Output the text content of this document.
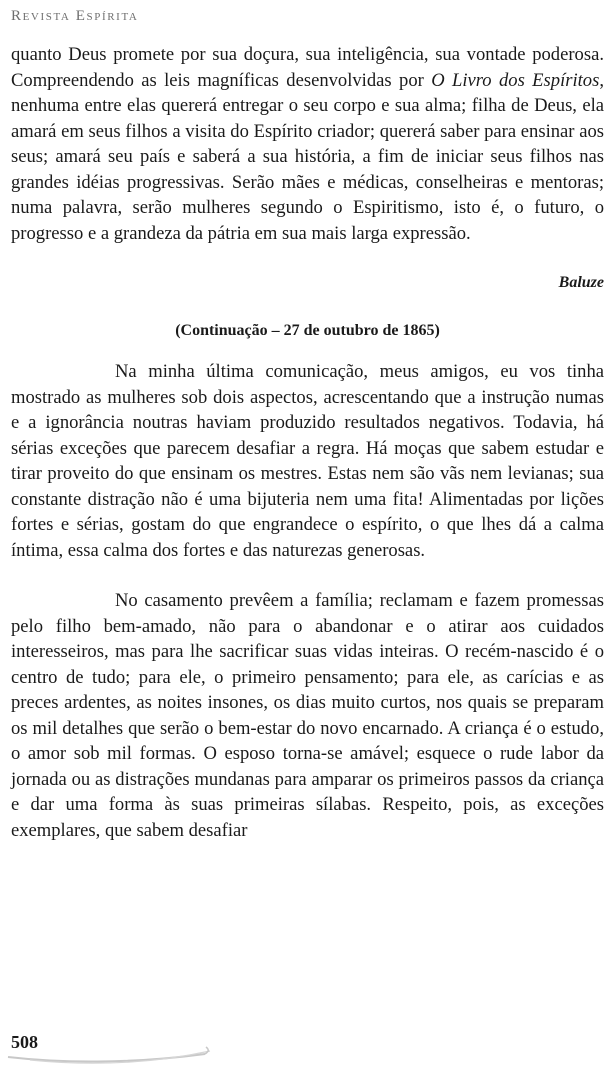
Revista Espírita

quanto Deus promete por sua doçura, sua inteligência, sua vontade poderosa. Compreendendo as leis magníficas desenvolvidas por O Livro dos Espíritos, nenhuma entre elas quererá entregar o seu corpo e sua alma; filha de Deus, ela amará em seus filhos a visita do Espírito criador; quererá saber para ensinar aos seus; amará seu país e saberá a sua história, a fim de iniciar seus filhos nas grandes idéias progressivas. Serão mães e médicas, conselheiras e mentoras; numa palavra, serão mulheres segundo o Espiritismo, isto é, o futuro, o progresso e a grandeza da pátria em sua mais larga expressão.

Baluze

(Continuação – 27 de outubro de 1865)

Na minha última comunicação, meus amigos, eu vos tinha mostrado as mulheres sob dois aspectos, acrescentando que a instrução numas e a ignorância noutras haviam produzido resultados negativos. Todavia, há sérias exceções que parecem desafiar a regra. Há moças que sabem estudar e tirar proveito do que ensinam os mestres. Estas nem são vãs nem levianas; sua constante distração não é uma bijuteria nem uma fita! Alimentadas por lições fortes e sérias, gostam do que engrandece o espírito, o que lhes dá a calma íntima, essa calma dos fortes e das naturezas generosas.

No casamento prevêem a família; reclamam e fazem promessas pelo filho bem-amado, não para o abandonar e o atirar aos cuidados interesseiros, mas para lhe sacrificar suas vidas inteiras. O recém-nascido é o centro de tudo; para ele, o primeiro pensamento; para ele, as carícias e as preces ardentes, as noites insones, os dias muito curtos, nos quais se preparam os mil detalhes que serão o bem-estar do novo encarnado. A criança é o estudo, o amor sob mil formas. O esposo torna-se amável; esquece o rude labor da jornada ou as distrações mundanas para amparar os primeiros passos da criança e dar uma forma às suas primeiras sílabas. Respeito, pois, as exceções exemplares, que sabem desafiar

508
